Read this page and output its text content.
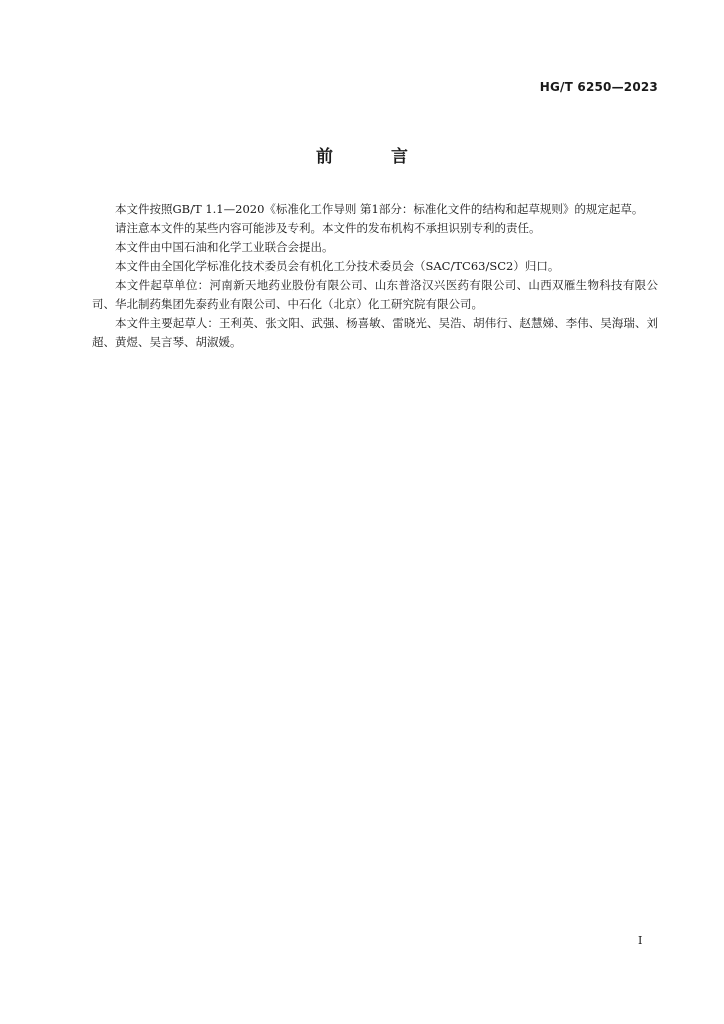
HG/T 6250—2023
前 言

本文件按照GB/T 1.1—2020《标准化工作导则 第1部分：标准化文件的结构和起草规则》的规定起草。

请注意本文件的某些内容可能涉及专利。本文件的发布机构不承担识别专利的责任。

本文件由中国石油和化学工业联合会提出。

本文件由全国化学标准化技术委员会有机化工分技术委员会（SAC/TC63/SC2）归口。

本文件起草单位：河南新天地药业股份有限公司、山东普洛汉兴医药有限公司、山西双雁生物科技有限公司、华北制药集团先泰药业有限公司、中石化（北京）化工研究院有限公司。

本文件主要起草人：王利英、张文阳、武强、杨喜敏、雷晓光、吴浩、胡伟行、赵慧娣、李伟、吴海瑞、刘超、黄煜、吴言琴、胡淑媛。

I
